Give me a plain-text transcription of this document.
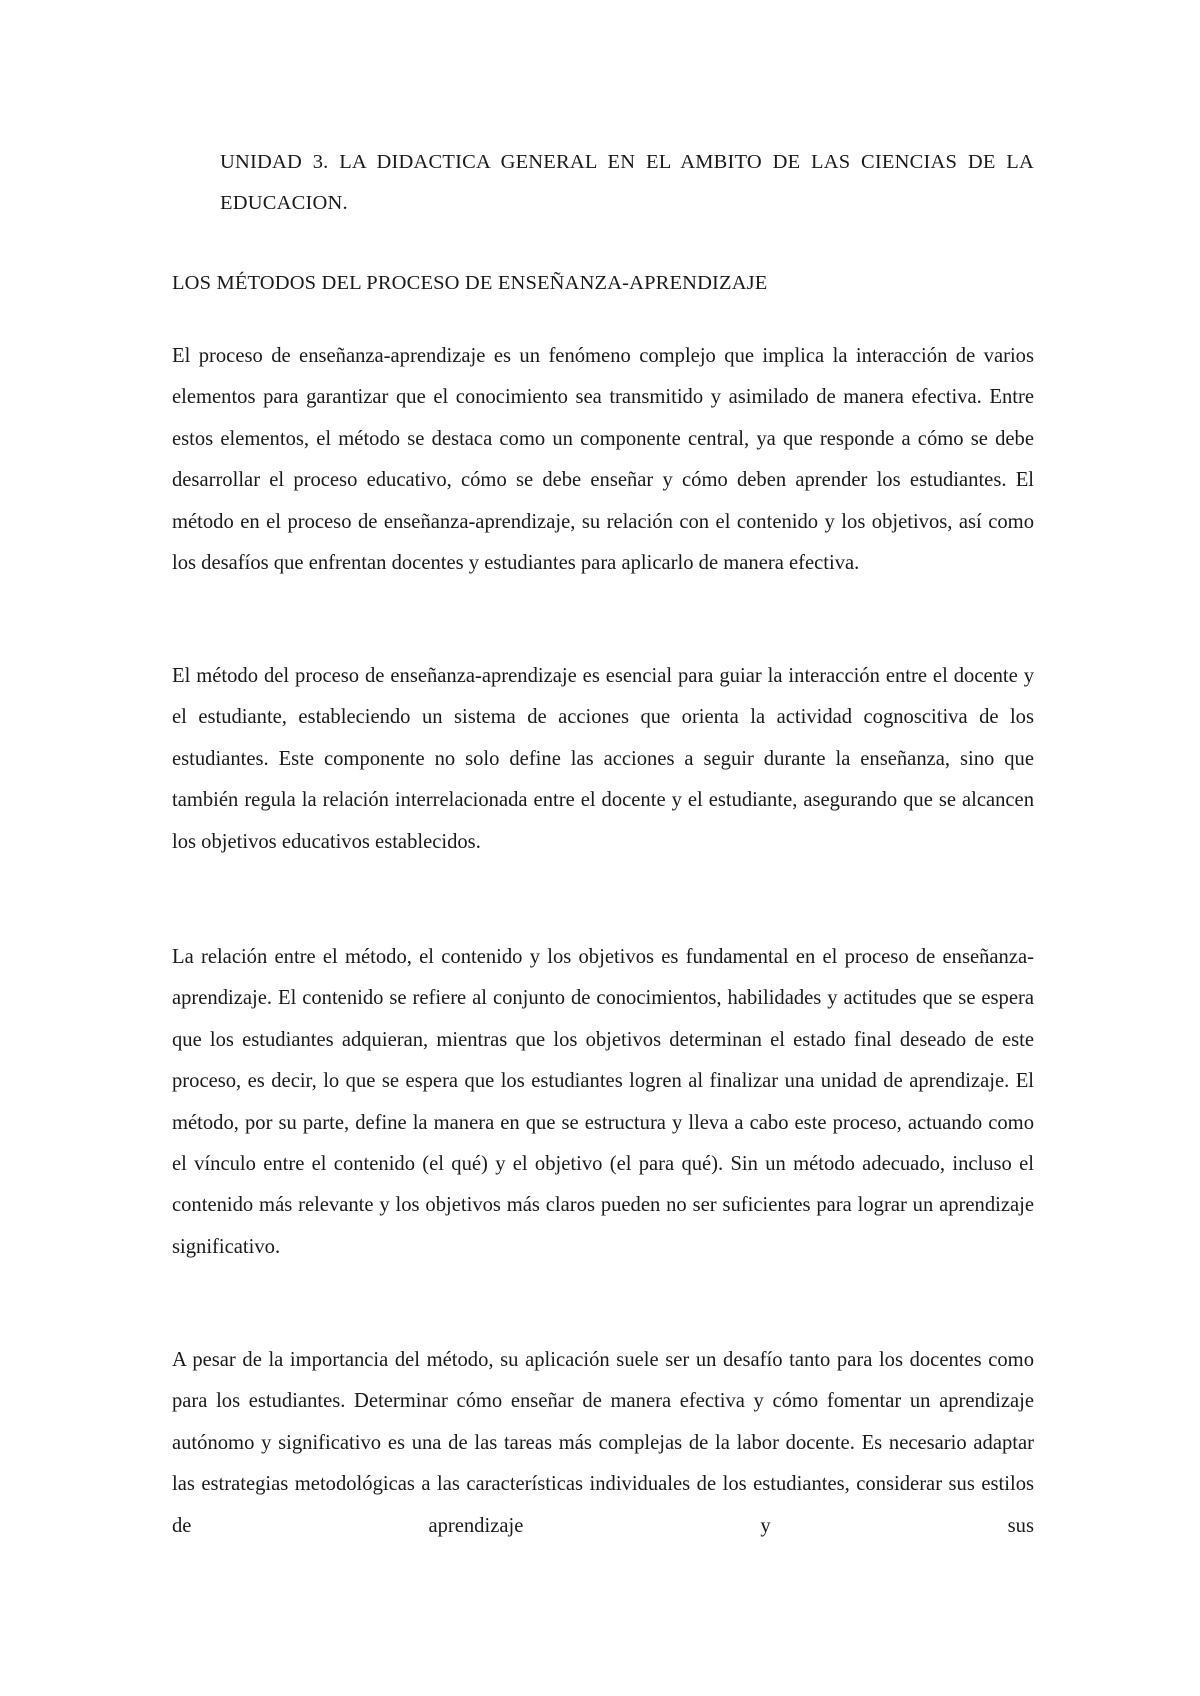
UNIDAD 3. LA DIDACTICA GENERAL EN EL AMBITO DE LAS CIENCIAS DE LA EDUCACION.
LOS MÉTODOS DEL PROCESO DE ENSEÑANZA-APRENDIZAJE

El proceso de enseñanza-aprendizaje es un fenómeno complejo que implica la interacción de varios elementos para garantizar que el conocimiento sea transmitido y asimilado de manera efectiva. Entre estos elementos, el método se destaca como un componente central, ya que responde a cómo se debe desarrollar el proceso educativo, cómo se debe enseñar y cómo deben aprender los estudiantes. El método en el proceso de enseñanza-aprendizaje, su relación con el contenido y los objetivos, así como los desafíos que enfrentan docentes y estudiantes para aplicarlo de manera efectiva.

El método del proceso de enseñanza-aprendizaje es esencial para guiar la interacción entre el docente y el estudiante, estableciendo un sistema de acciones que orienta la actividad cognoscitiva de los estudiantes. Este componente no solo define las acciones a seguir durante la enseñanza, sino que también regula la relación interrelacionada entre el docente y el estudiante, asegurando que se alcancen los objetivos educativos establecidos.

La relación entre el método, el contenido y los objetivos es fundamental en el proceso de enseñanza-aprendizaje. El contenido se refiere al conjunto de conocimientos, habilidades y actitudes que se espera que los estudiantes adquieran, mientras que los objetivos determinan el estado final deseado de este proceso, es decir, lo que se espera que los estudiantes logren al finalizar una unidad de aprendizaje. El método, por su parte, define la manera en que se estructura y lleva a cabo este proceso, actuando como el vínculo entre el contenido (el qué) y el objetivo (el para qué). Sin un método adecuado, incluso el contenido más relevante y los objetivos más claros pueden no ser suficientes para lograr un aprendizaje significativo.

A pesar de la importancia del método, su aplicación suele ser un desafío tanto para los docentes como para los estudiantes. Determinar cómo enseñar de manera efectiva y cómo fomentar un aprendizaje autónomo y significativo es una de las tareas más complejas de la labor docente. Es necesario adaptar las estrategias metodológicas a las características individuales de los estudiantes, considerar sus estilos de aprendizaje y sus
